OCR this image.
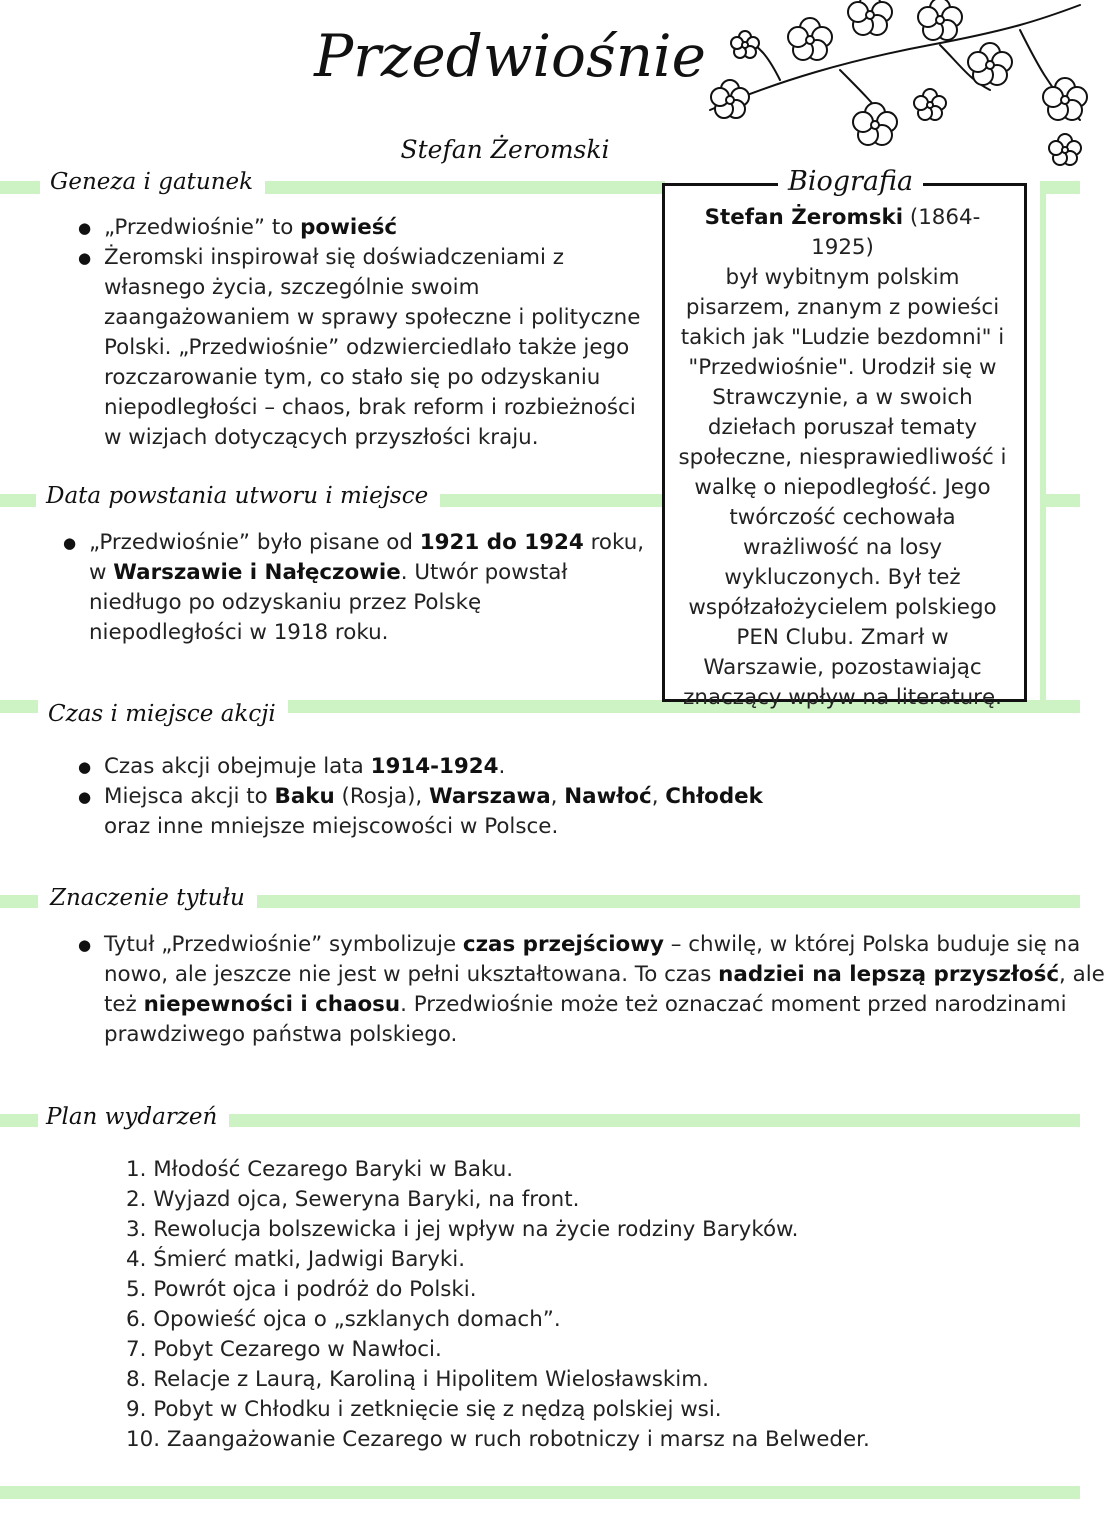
Przedwiośnie
Stefan Żeromski
Geneza i gatunek
Data powstania utworu i miejsce
Czas i miejsce akcji
Znaczenie tytułu
Plan wydarzeń
● „Przedwiośnie” to powieść
● Żeromski inspirował się doświadczeniami z
własnego życia, szczególnie swoim
zaangażowaniem w sprawy społeczne i polityczne
Polski. „Przedwiośnie” odzwierciedlało także jego
rozczarowanie tym, co stało się po odzyskaniu
niepodległości – chaos, brak reform i rozbieżności
w wizjach dotyczących przyszłości kraju.
● „Przedwiośnie” było pisane od 1921 do 1924 roku,
w Warszawie i Nałęczowie. Utwór powstał
niedługo po odzyskaniu przez Polskę
niepodległości w 1918 roku.
Biografia
Stefan Żeromski (1864-1925)
był wybitnym polskim
pisarzem, znanym z powieści
takich jak "Ludzie bezdomni" i
"Przedwiośnie". Urodził się w
Strawczynie, a w swoich
dziełach poruszał tematy
społeczne, niesprawiedliwość i
walkę o niepodległość. Jego
twórczość cechowała
wrażliwość na losy
wykluczonych. Był też
współzałożycielem polskiego
PEN Clubu. Zmarł w
Warszawie, pozostawiając
znaczący wpływ na literaturę.
● Czas akcji obejmuje lata 1914-1924.
● Miejsca akcji to Baku (Rosja), Warszawa, Nawłoć, Chłodek
oraz inne mniejsze miejscowości w Polsce.
● Tytuł „Przedwiośnie” symbolizuje czas przejściowy – chwilę, w której Polska buduje się na
nowo, ale jeszcze nie jest w pełni ukształtowana. To czas nadziei na lepszą przyszłość, ale
też niepewności i chaosu. Przedwiośnie może też oznaczać moment przed narodzinami
prawdziwego państwa polskiego.
1. Młodość Cezarego Baryki w Baku.
2. Wyjazd ojca, Seweryna Baryki, na front.
3. Rewolucja bolszewicka i jej wpływ na życie rodziny Baryków.
4. Śmierć matki, Jadwigi Baryki.
5. Powrót ojca i podróż do Polski.
6. Opowieść ojca o „szklanych domach”.
7. Pobyt Cezarego w Nawłoci.
8. Relacje z Laurą, Karoliną i Hipolitem Wielosławskim.
9. Pobyt w Chłodku i zetknięcie się z nędzą polskiej wsi.
10. Zaangażowanie Cezarego w ruch robotniczy i marsz na Belweder.
